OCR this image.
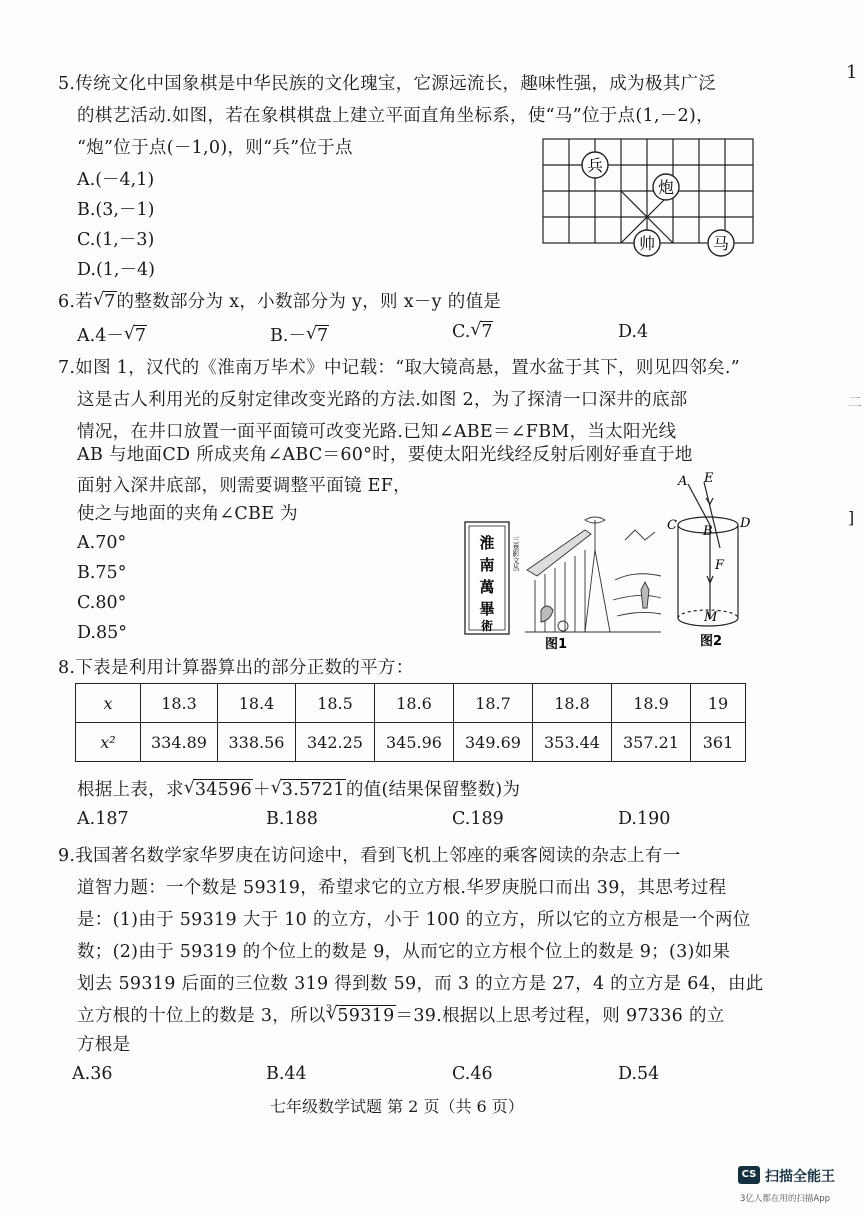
5.传统文化中国象棋是中华民族的文化瑰宝，它源远流长，趣味性强，成为极其广泛
的棋艺活动.如图，若在象棋棋盘上建立平面直角坐标系，使“马”位于点(1,－2)，
“炮”位于点(－1,0)，则“兵”位于点
A.(－4,1)
B.(3,－1)
C.(1,－3)
D.(1,－4)
兵
炮
帅	马
6.若 √ 7的整数部分为 x，小数部分为 y，则 x－y 的值是
A.4－ √ 7	B.－ √ 7	C. √ 7	D.4
7.如图 1，汉代的《淮南万毕术》中记载：“取大镜高悬，置水盆于其下，则见四邻矣.”
这是古人利用光的反射定律改变光路的方法.如图 2，为了探清一口深井的底部
情况，在井口放置一面平面镜可改变光路.已知∠ABE＝∠FBM，当太阳光线
AB 与地面CD 所成夹角∠ABC＝60°时，要使太阳光线经反射后刚好垂直于地
面射入深井底部，则需要调整平面镜 EF，
使之与地面的夹角∠CBE 为
A.70°
B.75°
C.80°
D.85°
淮
南
萬
畢
術
三垂影文丛
图1
A E
C B
D
F
M
图2
8.下表是利用计算器算出的部分正数的平方：
x	18.3	18.4	18.5	18.6	18.7	18.8	18.9	19
x²	334.89	338.56	342.25	345.96	349.69	353.44	357.21	361
根据上表，求 √ 34596＋ √ 3.5721的值(结果保留整数)为
A.187	B.188	C.189	D.190
9.我国著名数学家华罗庚在访问途中，看到飞机上邻座的乘客阅读的杂志上有一
道智力题：一个数是 59319，希望求它的立方根.华罗庚脱口而出 39，其思考过程
是：(1)由于 59319 大于 10 的立方，小于 100 的立方，所以它的立方根是一个两位
数；(2)由于 59319 的个位上的数是 9，从而它的立方根个位上的数是 9；(3)如果
划去 59319 后面的三位数 319 得到数 59，而 3 的立方是 27，4 的立方是 64，由此
立方根的十位上的数是 3，所以$^3$ √ 59319＝39.根据以上思考过程，则 97336 的立
方根是
A.36	B.44	C.46	D.54
七年级数学试题 第 2 页（共 6 页）
1
二
]
CS 扫描全能王
3亿人都在用的扫描App
